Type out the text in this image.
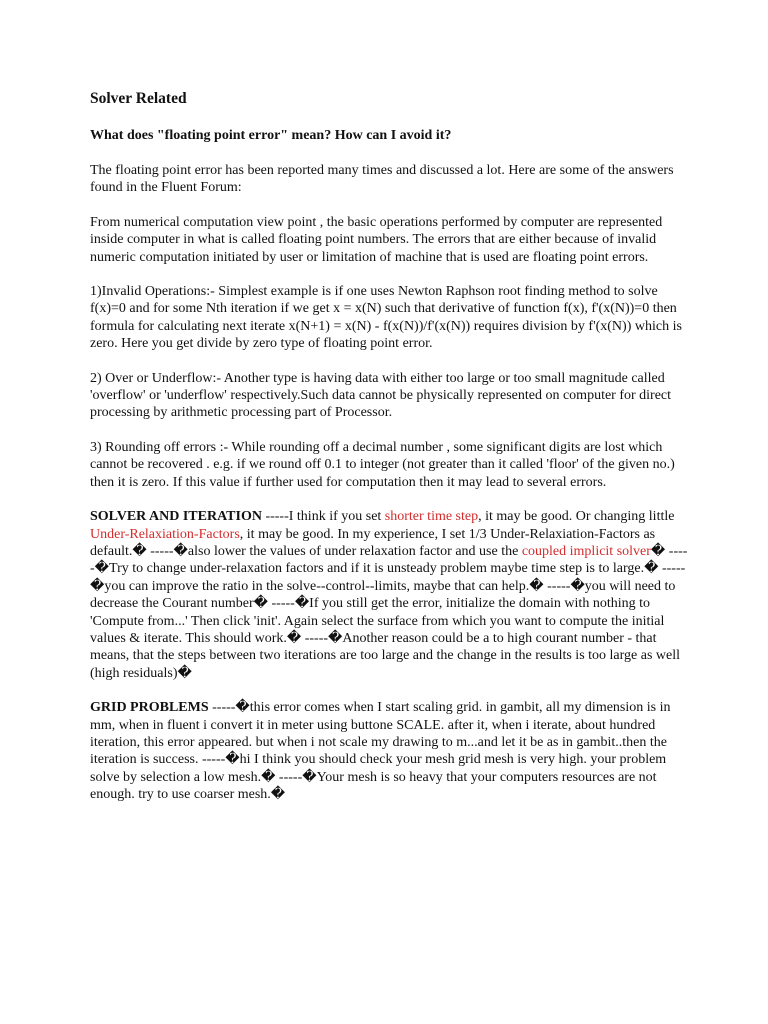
Solver Related
What does "floating point error" mean? How can I avoid it?

The floating point error has been reported many times and discussed a lot. Here are some of the answers found in the Fluent Forum:

From numerical computation view point , the basic operations performed by computer are represented inside computer in what is called floating point numbers. The errors that are either because of invalid numeric computation initiated by user or limitation of machine that is used are floating point errors.

1)Invalid Operations:- Simplest example is if one uses Newton Raphson root finding method to solve f(x)=0 and for some Nth iteration if we get x = x(N) such that derivative of function f(x), f'(x(N))=0 then formula for calculating next iterate x(N+1) = x(N) - f(x(N))/f'(x(N)) requires division by f'(x(N)) which is zero. Here you get divide by zero type of floating point error.

2) Over or Underflow:- Another type is having data with either too large or too small magnitude called 'overflow' or 'underflow' respectively.Such data cannot be physically represented on computer for direct processing by arithmetic processing part of Processor.

3) Rounding off errors :- While rounding off a decimal number , some significant digits are lost which cannot be recovered . e.g. if we round off 0.1 to integer (not greater than it called 'floor' of the given no.) then it is zero. If this value if further used for computation then it may lead to several errors.

SOLVER AND ITERATION -----I think if you set shorter time step, it may be good. Or changing little Under-Relaxiation-Factors, it may be good. In my experience, I set 1/3 Under-Relaxiation-Factors as default.� -----�also lower the values of under relaxation factor and use the coupled implicit solver� -----�Try to change under-relaxation factors and if it is unsteady problem maybe time step is to large.� -----�you can improve the ratio in the solve--control--limits, maybe that can help.� -----�you will need to decrease the Courant number� -----�If you still get the error, initialize the domain with nothing to 'Compute from...' Then click 'init'. Again select the surface from which you want to compute the initial values & iterate. This should work.� -----�Another reason could be a to high courant number - that means, that the steps between two iterations are too large and the change in the results is too large as well (high residuals)�

GRID PROBLEMS -----�this error comes when I start scaling grid. in gambit, all my dimension is in mm, when in fluent i convert it in meter using buttone SCALE. after it, when i iterate, about hundred iteration, this error appeared. but when i not scale my drawing to m...and let it be as in gambit..then the iteration is success. -----�hi I think you should check your mesh grid mesh is very high. your problem solve by selection a low mesh.� -----�Your mesh is so heavy that your computers resources are not enough. try to use coarser mesh.�
